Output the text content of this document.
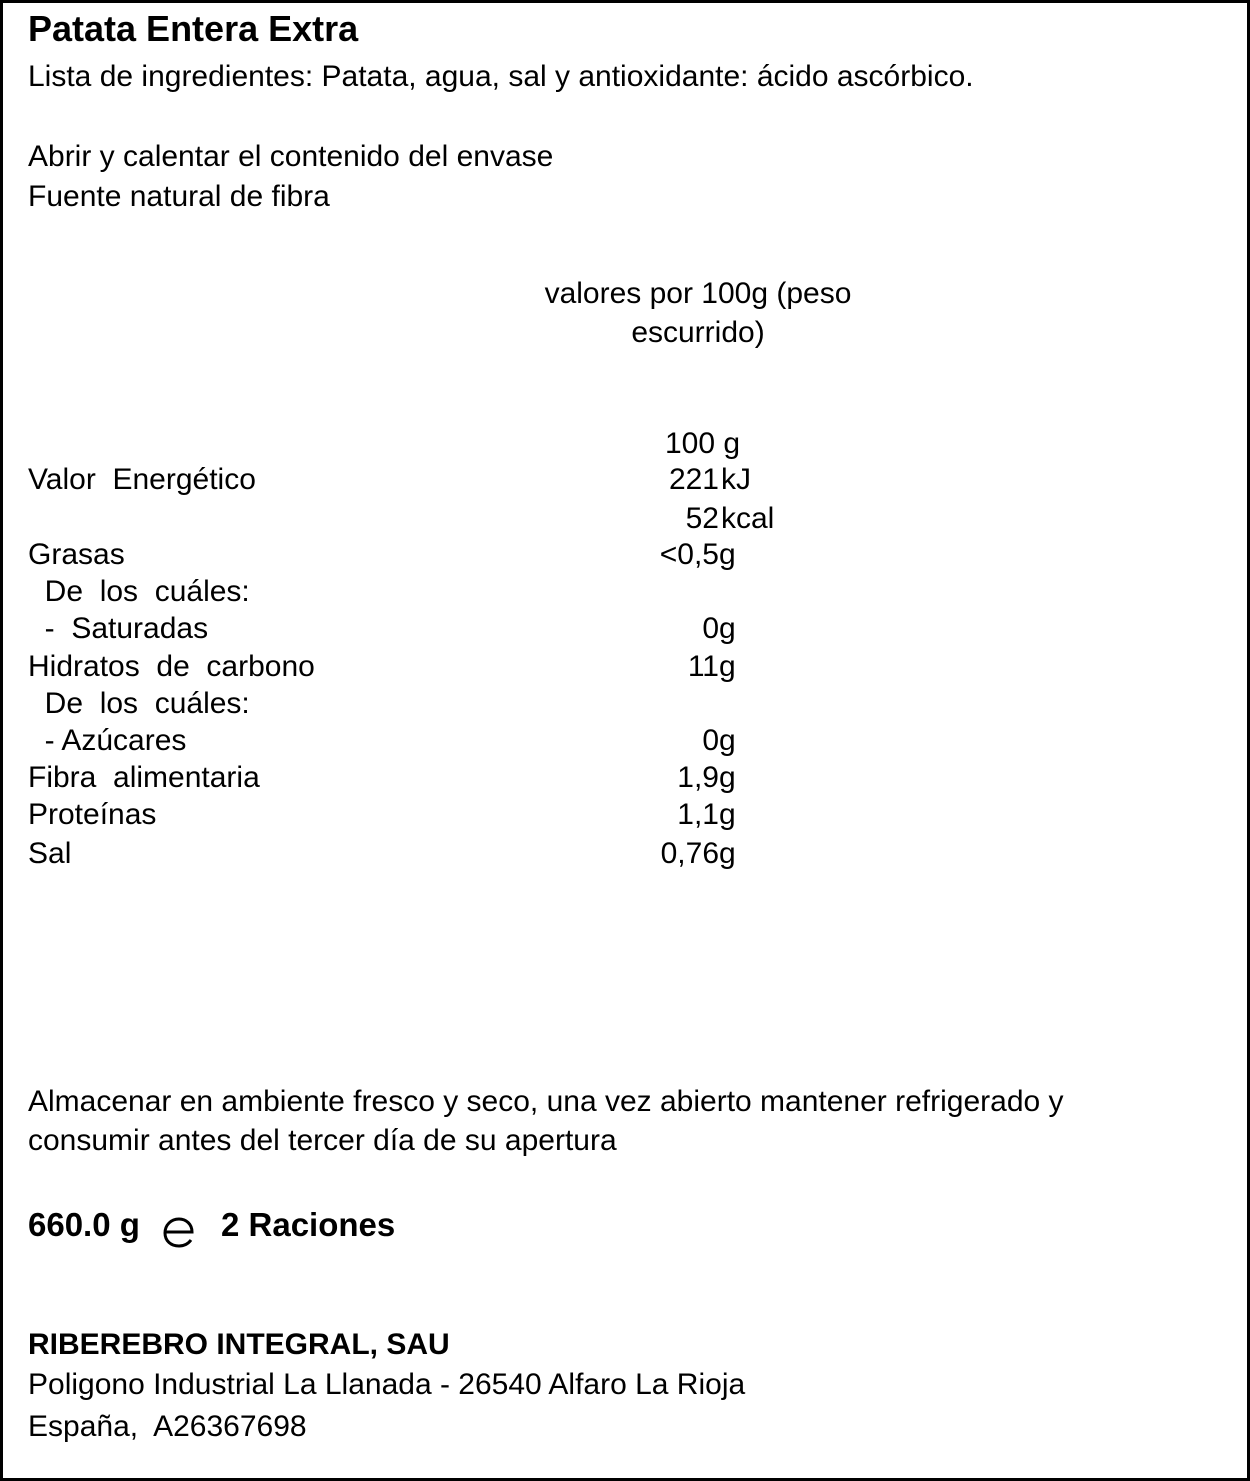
Patata Entera Extra
Lista de ingredientes: Patata, agua, sal y antioxidante: ácido ascórbico.
Abrir y calentar el contenido del envase
Fuente natural de fibra
valores por 100g (peso
escurrido)
100 g
Valor  Energético	221 kJ
52 kcal
Grasas	<0,5 g
De  los  cuáles:
-  Saturadas	0 g
Hidratos  de  carbono	11 g
De  los  cuáles:
- Azúcares	0 g
Fibra  alimentaria	1,9 g
Proteínas	1,1 g
Sal	0,76 g
Almacenar en ambiente fresco y seco, una vez abierto mantener refrigerado y
consumir antes del tercer día de su apertura
660.0 g 2 Raciones
RIBEREBRO INTEGRAL, SAU
Poligono Industrial La Llanada - 26540 Alfaro La Rioja
España,  A26367698
